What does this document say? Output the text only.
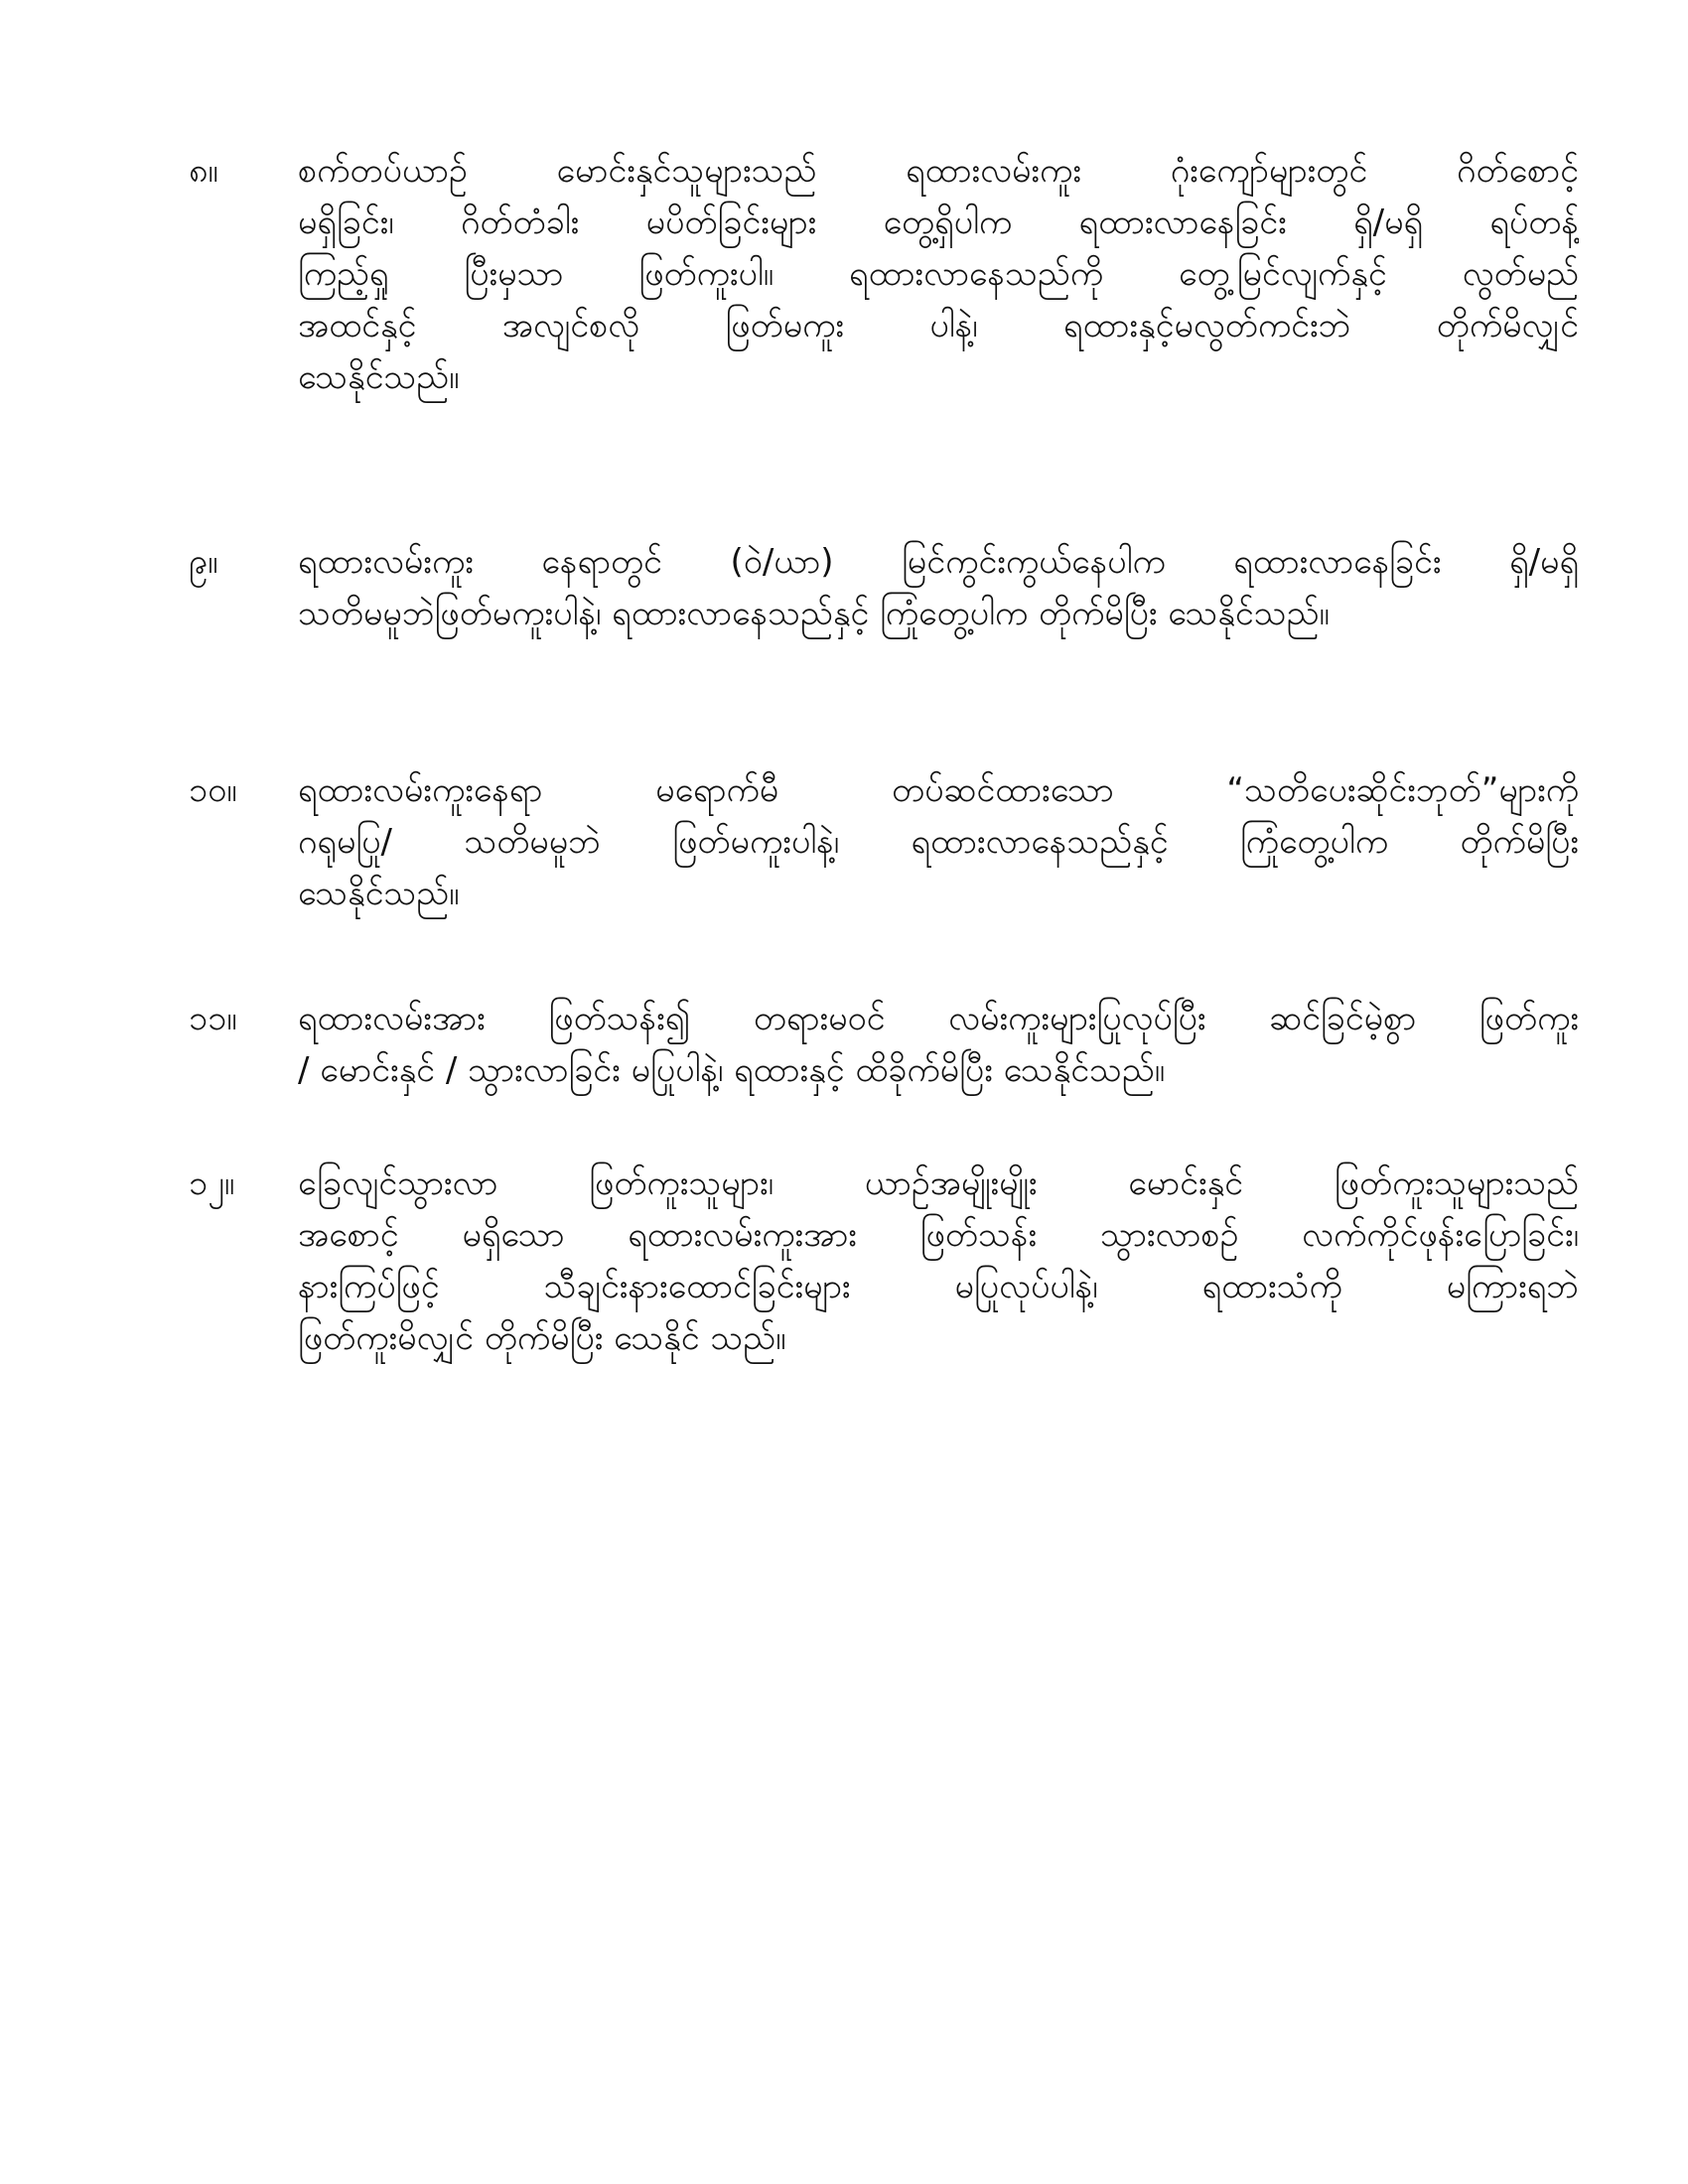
၈။	စက်တပ်ယာဉ် မောင်းနှင်သူများသည် ရထားလမ်းကူး ဂုံးကျော်များတွင် ဂိတ်စောင့်
မရှိခြင်း၊ ဂိတ်တံခါး မပိတ်ခြင်းများ တွေ့ရှိပါက ရထားလာနေခြင်း ရှိ/မရှိ ရပ်တန့်
ကြည့်ရှု ပြီးမှသာ ဖြတ်ကူးပါ။ ရထားလာနေသည်ကို တွေ့မြင်လျက်နှင့် လွတ်မည်
အထင်နှင့် အလျင်စလို ဖြတ်မကူး ပါနဲ့၊ ရထားနှင့်မလွတ်ကင်းဘဲ တိုက်မိလျှင်
သေနိုင်သည်။
၉။	ရထားလမ်းကူး နေရာတွင် (ဝဲ/ယာ) မြင်ကွင်းကွယ်နေပါက ရထားလာနေခြင်း ရှိ/မရှိ
သတိမမူဘဲဖြတ်မကူးပါနဲ့၊ ရထားလာနေသည်နှင့် ကြုံတွေ့ပါက တိုက်မိပြီး သေနိုင်သည်။
၁၀။	ရထားလမ်းကူးနေရာ မရောက်မီ တပ်ဆင်ထားသော “သတိပေးဆိုင်းဘုတ်”များကို
ဂရုမပြု/ သတိမမူဘဲ ဖြတ်မကူးပါနဲ့၊ ရထားလာနေသည်နှင့် ကြုံတွေ့ပါက တိုက်မိပြီး
သေနိုင်သည်။
၁၁။	ရထားလမ်းအား ဖြတ်သန်း၍ တရားမဝင် လမ်းကူးများပြုလုပ်ပြီး ဆင်ခြင်မဲ့စွာ ဖြတ်ကူး
/ မောင်းနှင် / သွားလာခြင်း မပြုပါနဲ့၊ ရထားနှင့် ထိခိုက်မိပြီး သေနိုင်သည်။
၁၂။	ခြေလျင်သွားလာ ဖြတ်ကူးသူများ၊ ယာဉ်အမျိုးမျိုး မောင်းနှင် ဖြတ်ကူးသူများသည်
အစောင့် မရှိသော ရထားလမ်းကူးအား ဖြတ်သန်း သွားလာစဉ် လက်ကိုင်ဖုန်းပြောခြင်း၊
နားကြပ်ဖြင့် သီချင်းနားထောင်ခြင်းများ မပြုလုပ်ပါနဲ့၊ ရထားသံကို မကြားရဘဲ
ဖြတ်ကူးမိလျှင် တိုက်မိပြီး သေနိုင် သည်။
